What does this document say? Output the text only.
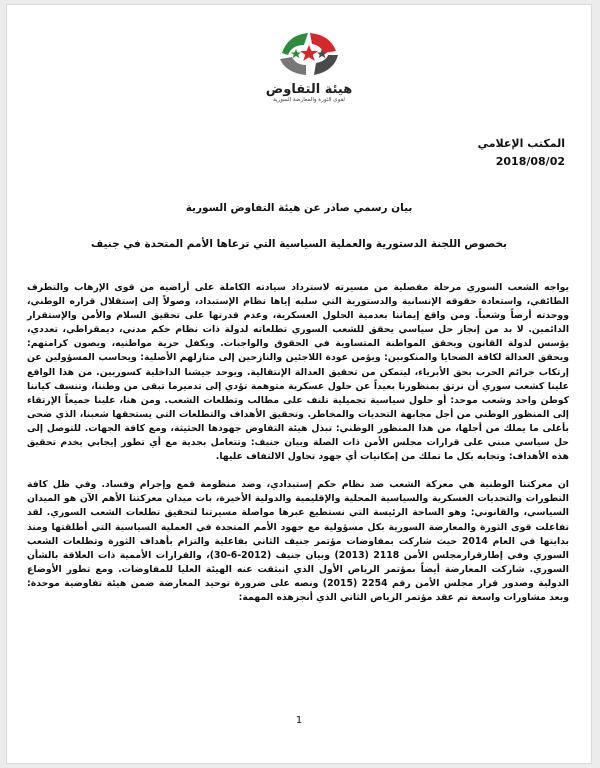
هيئة التفاوض
لقوى الثورة والمعارضة السورية
المكتب الإعلامي
2018/08/02
بيان رسمي صادر عن هيئة التفاوض السورية
بخصوص اللجنة الدستورية والعملية السياسية التي ترعاها الأمم المتحدة في جنيف

يواجه الشعب السوري مرحلة مفصلية من مسيرته لاسترداد سيادته الكاملة على أراضيه من قوى الإرهاب والتطرف الطائفي، واستعادة حقوقه الإنسانية والدستورية التي سلبه إياها نظام الإستبداد، وصولاً إلى إستقلال قراره الوطني، ووحدته أرضاً وشعباً. ومن واقع إيماننا بعدمية الحلول العسكرية، وعدم قدرتها على تحقيق السلام والأمن والإستقرار الدائمين. لا بد من إنجاز حل سياسي يحقق للشعب السوري تطلعاته لدولة ذات نظام حكم مدني، ديمقراطي، تعددي، يؤسس لدولة القانون ويحقق المواطنة المتساوية في الحقوق والواجبات. ويكفل حرية مواطنيه، ويصون كرامتهم: ويحقق العدالة لكافة الضحايا والمنكوبين: ويؤمن عودة اللاجئين والنازحين إلى منازلهم الأصلية: ويحاسب المسؤولين عن إرتكاب جرائم الحرب بحق الأبرياء، ليتمكن من تحقيق العدالة الإنتقالية. ويوحد جيشنا الداخلية كسوريين. من هذا الواقع علينا كشعب سوري أن نرتق بمنظورنا بعيداً عن حلول عسكرية متوهمة تؤدي إلى تدميرما تبقى من وطننا، وتنسف كياننا كوطن واحد وشعب موحد: أو حلول سياسية تجميلية تلتف على مطالب وتطلعات الشعب. ومن هنا، علينا جميعاً الإرتقاء إلى المنظور الوطني من أجل مجابهة التحديات والمخاطر. وتحقيق الأهداف والتطلعات التي يستحقها شعبنا، الذي ضحى بأغلى ما يملك من أجلها، من هذا المنظور الوطني: تبذل هيئة التفاوض جهودها الحثيثة، ومع كافة الجهات. للتوصل إلى حل سياسي مبني على قرارات مجلس الأمن ذات الصلة وبيان جنيف: وتتعامل بجدية مع أي تطور إيجابي يخدم تحقيق هذه الأهداف: وتجابه بكل ما تملك من إمكانيات أي جهود تحاول الالتفاف عليها.

ان معركتنا الوطنية هي معركة الشعب ضد نظام حكم إستبدادي، وضد منظومة قمع وإجرام وفساد. وفي ظل كافة التطورات والتحديات العسكرية والسياسية المحلية والإقليمية والدولية الأخيرة، بات ميدان معركتنا الأهم الآن هو الميدان السياسي، والقانوني: وهو الساحة الرئيسة التي نستطيع عبرها مواصلة مسيرتنا لتحقيق تطلعات الشعب السوري. لقد تفاعلت قوى الثورة والمعارضة السورية بكل مسؤولية مع جهود الأمم المتحدة في العملية السياسية التي أطلقتها ومنذ بدايتها في العام 2014 حيث شاركت بمفاوضات مؤتمر جنيف الثاني بفاعلية والتزام بأهداف الثورة وتطلعات الشعب السوري وفي إطارقرارمجلس الأمن 2118 (2013) وبيان جنيف (2012-6-30)، والقرارات الأممية ذات العلاقة بالشأن السوري. شاركت المعارضة أيضاً بمؤتمر الرياض الأول الذي انبثقت عنه الهيئة العليا للمفاوضات. ومع تطور الأوضاع الدولية وصدور قرار مجلس الأمن رقم 2254 (2015) ونصه على ضرورة توحيد المعارضة ضمن هيئة تفاوضية موحدة: وبعد مشاورات واسعة تم عقد مؤتمر الرياض الثاني الذي أنجزهذه المهمة:

1
